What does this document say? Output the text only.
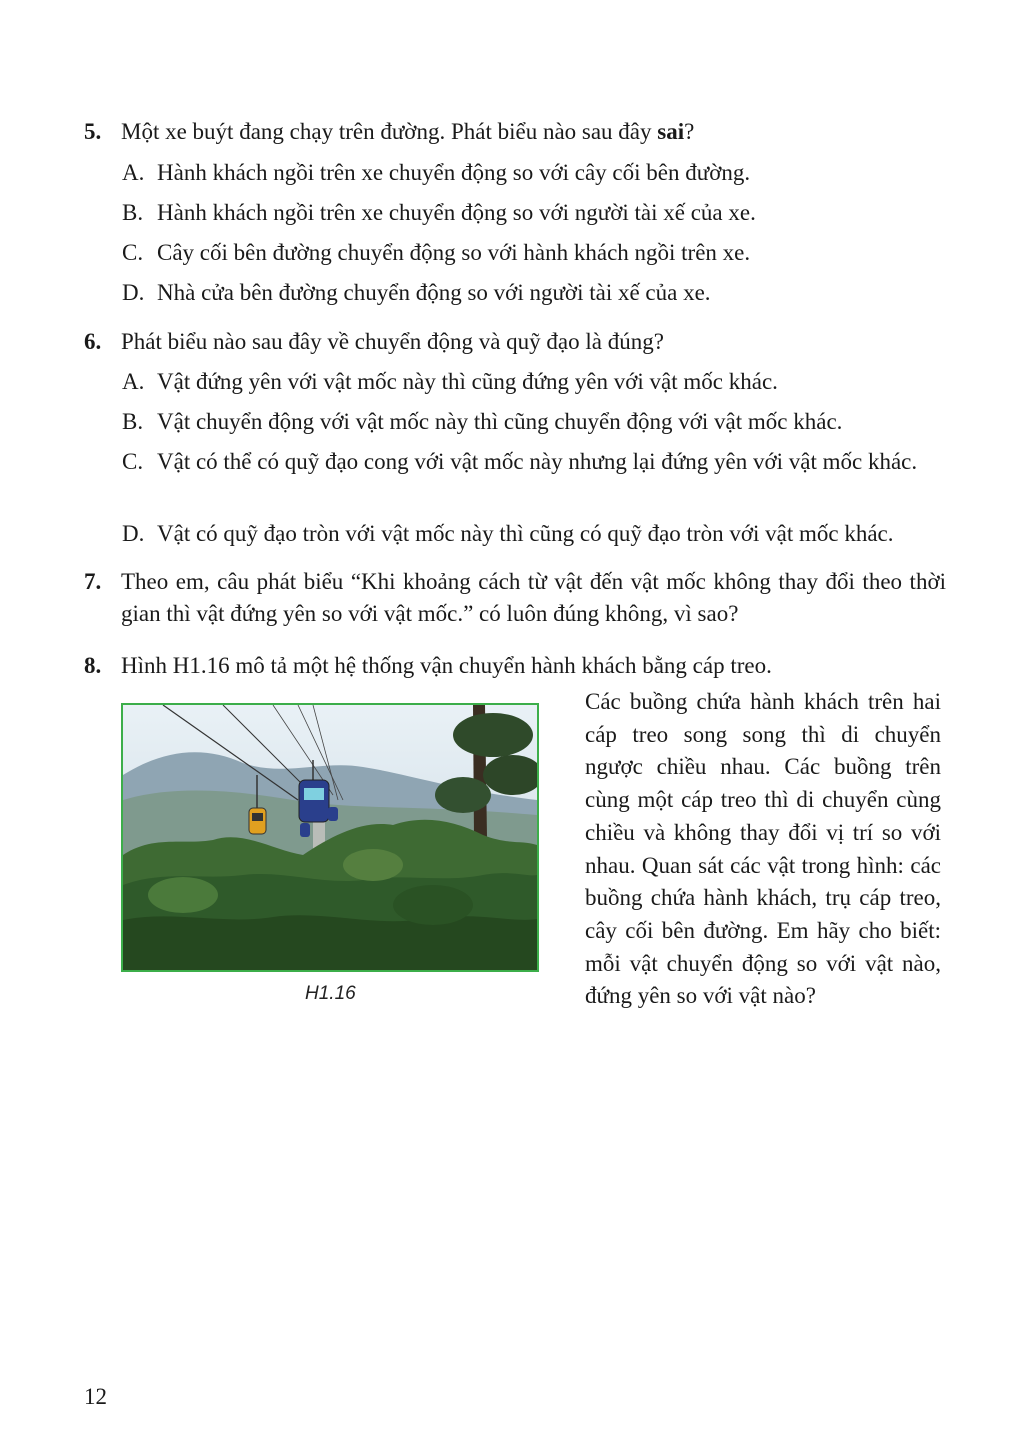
5. Một xe buýt đang chạy trên đường. Phát biểu nào sau đây sai?
A. Hành khách ngồi trên xe chuyển động so với cây cối bên đường.
B. Hành khách ngồi trên xe chuyển động so với người tài xế của xe.
C. Cây cối bên đường chuyển động so với hành khách ngồi trên xe.
D. Nhà cửa bên đường chuyển động so với người tài xế của xe.
6. Phát biểu nào sau đây về chuyển động và quỹ đạo là đúng?
A. Vật đứng yên với vật mốc này thì cũng đứng yên với vật mốc khác.
B. Vật chuyển động với vật mốc này thì cũng chuyển động với vật mốc khác.
C. Vật có thể có quỹ đạo cong với vật mốc này nhưng lại đứng yên với vật mốc khác.
D. Vật có quỹ đạo tròn với vật mốc này thì cũng có quỹ đạo tròn với vật mốc khác.
7. Theo em, câu phát biểu “Khi khoảng cách từ vật đến vật mốc không thay đổi theo thời gian thì vật đứng yên so với vật mốc.” có luôn đúng không, vì sao?
8. Hình H1.16 mô tả một hệ thống vận chuyển hành khách bằng cáp treo.
H1.16
Các buồng chứa hành khách trên hai cáp treo song song thì di chuyển ngược chiều nhau. Các buồng trên cùng một cáp treo thì di chuyển cùng chiều và không thay đổi vị trí so với nhau. Quan sát các vật trong hình: các buồng chứa hành khách, trụ cáp treo, cây cối bên đường. Em hãy cho biết: mỗi vật chuyển động so với vật nào, đứng yên so với vật nào?
12
